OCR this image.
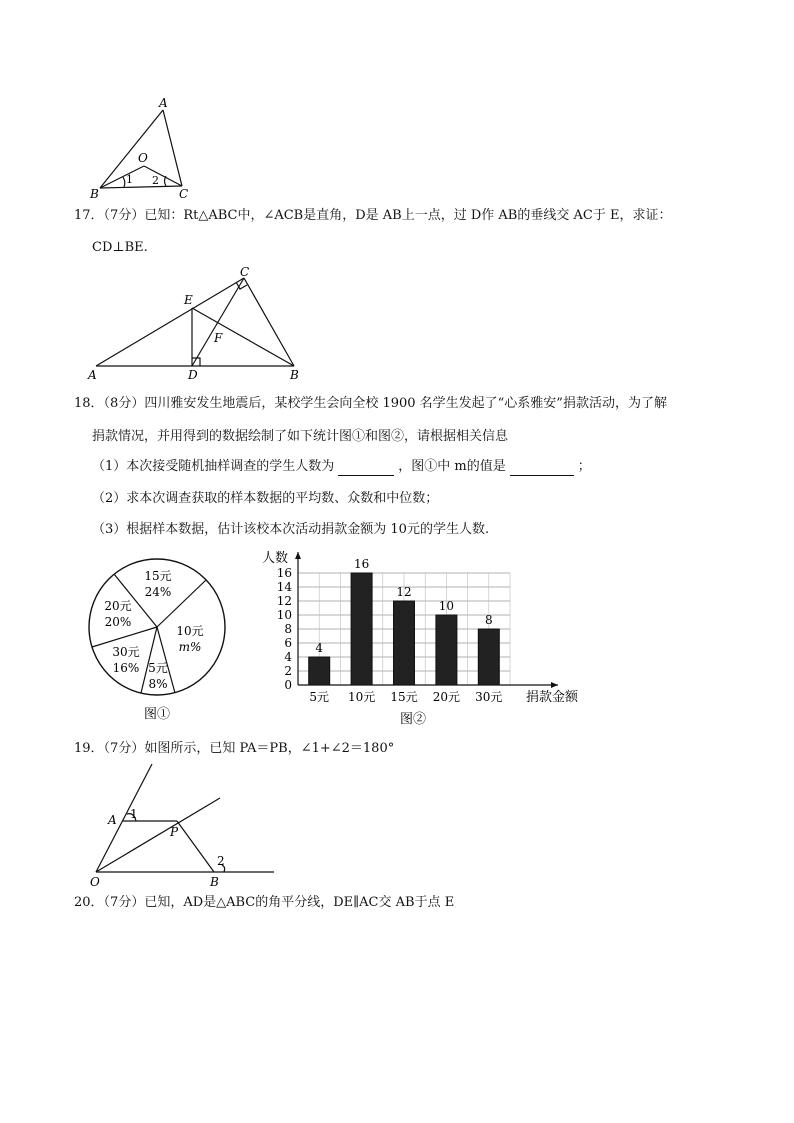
A
B	C
O
1 2
17．（7分）已知：Rt△ABC中，∠ACB是直角，D是 AB上一点，过 D作 AB的垂线交 AC于 E，求证：
CD⊥BE.
A	B
C
D
E
F
18．（8分）四川雅安发生地震后，某校学生会向全校 1900 名学生发起了“心系雅安”捐款活动，为了解
捐款情况，并用得到的数据绘制了如下统计图①和图②，请根据相关信息
（1）本次接受随机抽样调查的学生人数为	，图①中 m的值是	；
（2）求本次调查获取的样本数据的平均数、众数和中位数；
（3）根据样本数据，估计该校本次活动捐款金额为 10元的学生人数.
15元
24%
10元
m%
5元
8%
30元
16%
20元
20%
图①
人数
捐款金额
图②
0
2
4
6
8
10
12
14
16
4
5元
16
10元
12
15元
10
20元
8
30元
19．（7分）如图所示，已知 PA＝PB，∠1+∠2＝180°
A 1
P
O	B
2
20．（7分）已知，AD是△ABC的角平分线，DE∥AC交 AB于点 E
